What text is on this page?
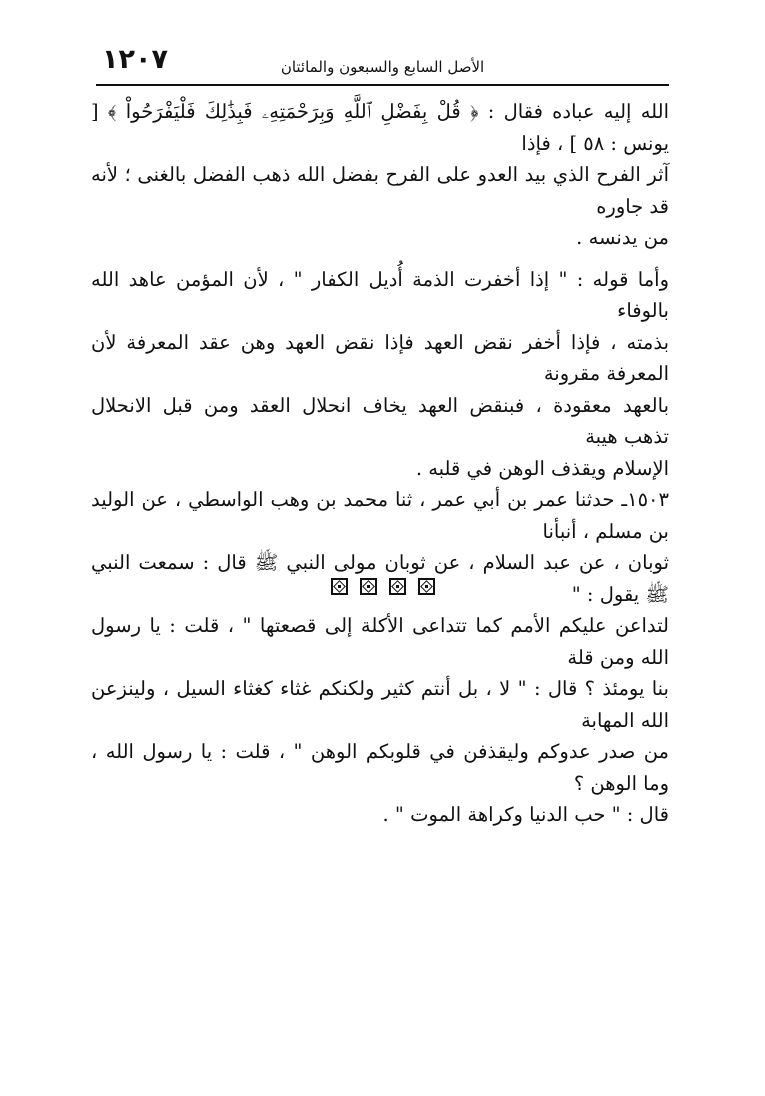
١٢٠٧	الأصل السابع والسبعون والمائتان

الله إليه عباده فقال : ﴿ قُلْ بِفَضْلِ ٱللَّهِ وَبِرَحْمَتِهِۦ فَبِذَٰلِكَ فَلْيَفْرَحُواْ ﴾ [ يونس : ٥٨ ] ، فإذا

آثر الفرح الذي بيد العدو على الفرح بفضل الله ذهب الفضل بالغنى ؛ لأنه قد جاوره

من يدنسه .

وأما قوله : " إذا أخفرت الذمة أُديل الكفار " ، لأن المؤمن عاهد الله بالوفاء

بذمته ، فإذا أخفر نقض العهد فإذا نقض العهد وهن عقد المعرفة لأن المعرفة مقرونة

بالعهد معقودة ، فبنقض العهد يخاف انحلال العقد ومن قبل الانحلال تذهب هيبة

الإسلام ويقذف الوهن في قلبه .

١٥٠٣ـ حدثنا عمر بن أبي عمر ، ثنا محمد بن وهب الواسطي ، عن الوليد بن مسلم ، أنبأنا

ثوبان ، عن عبد السلام ، عن ثوبان مولى النبي ﷺ قال : سمعت النبي ﷺ يقول : "

لتداعن عليكم الأمم كما تتداعى الأكلة إلى قصعتها " ، قلت : يا رسول الله ومن قلة

بنا يومئذ ؟ قال : " لا ، بل أنتم كثير ولكنكم غثاء كغثاء السيل ، ولينزعن الله المهابة

من صدر عدوكم وليقذفن في قلوبكم الوهن " ، قلت : يا رسول الله ، وما الوهن ؟

قال : " حب الدنيا وكراهة الموت " .
